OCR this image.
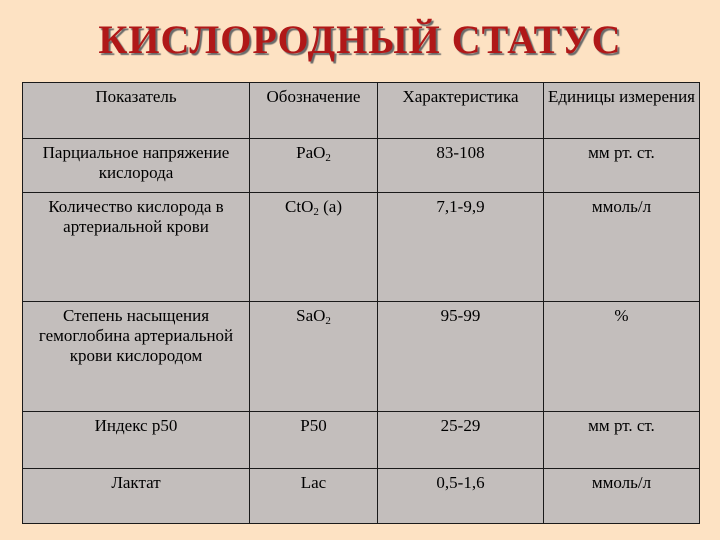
КИСЛОРОДНЫЙ СТАТУС
Показатель	Обозначение	Характеристика	Единицы измерения
Парциальное напряжение кислорода	PaO$_2$	83-108	мм рт. ст.
Количество кислорода в артериальной крови	CtO$_2$ (a)	7,1-9,9	ммоль/л
Степень насыщения гемоглобина артериальной крови кислородом	SaO$_2$	95-99	%
Индекс p50	P50	25-29	мм рт. ст.
Лактат	Lac	0,5-1,6	ммоль/л
